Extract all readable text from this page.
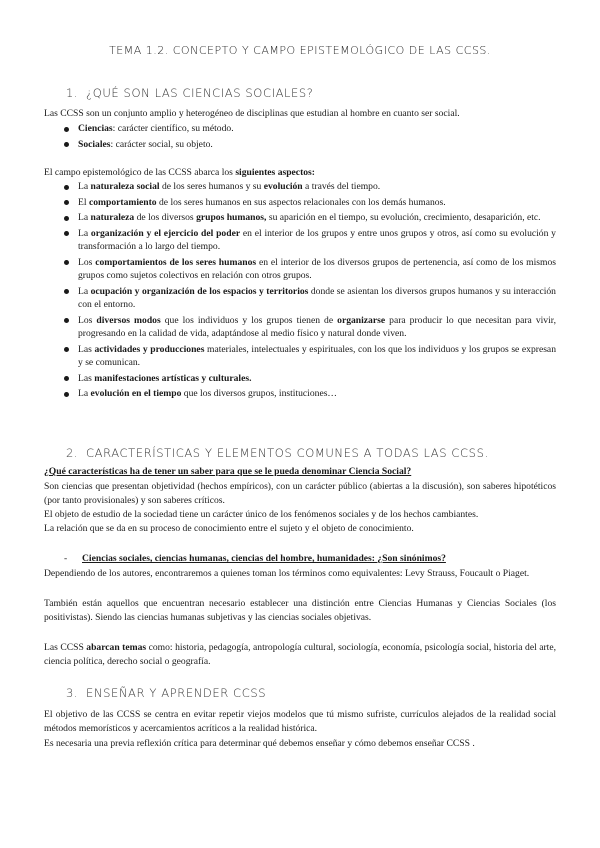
TEMA 1.2. CONCEPTO Y CAMPO EPISTEMOLÓGICO DE LAS CCSS.
1. ¿QUÉ SON LAS CIENCIAS SOCIALES?

Las CCSS son un conjunto amplio y heterogéneo de disciplinas que estudian al hombre en cuanto ser social.

Ciencias: carácter científico, su método.
Sociales: carácter social, su objeto.

El campo epistemológico de las CCSS abarca los siguientes aspectos:

La naturaleza social de los seres humanos y su evolución a través del tiempo.
El comportamiento de los seres humanos en sus aspectos relacionales con los demás humanos.
La naturaleza de los diversos grupos humanos, su aparición en el tiempo, su evolución, crecimiento, desaparición, etc.
La organización y el ejercicio del poder en el interior de los grupos y entre unos grupos y otros, así como su evolución y transformación a lo largo del tiempo.
Los comportamientos de los seres humanos en el interior de los diversos grupos de pertenencia, así como de los mismos grupos como sujetos colectivos en relación con otros grupos.
La ocupación y organización de los espacios y territorios donde se asientan los diversos grupos humanos y su interacción con el entorno.
Los diversos modos que los individuos y los grupos tienen de organizarse para producir lo que necesitan para vivir, progresando en la calidad de vida, adaptándose al medio físico y natural donde viven.
Las actividades y producciones materiales, intelectuales y espirituales, con los que los individuos y los grupos se expresan y se comunican.
Las manifestaciones artísticas y culturales.
La evolución en el tiempo que los diversos grupos, instituciones…
2. CARACTERÍSTICAS Y ELEMENTOS COMUNES A TODAS LAS CCSS.

¿Qué características ha de tener un saber para que se le pueda denominar Ciencia Social?

Son ciencias que presentan objetividad (hechos empíricos), con un carácter público (abiertas a la discusión), son saberes hipotéticos (por tanto provisionales) y son saberes críticos.

El objeto de estudio de la sociedad tiene un carácter único de los fenómenos sociales y de los hechos cambiantes.

La relación que se da en su proceso de conocimiento entre el sujeto y el objeto de conocimiento.

- Ciencias sociales, ciencias humanas, ciencias del hombre, humanidades: ¿Son sinónimos?

Dependiendo de los autores, encontraremos a quienes toman los términos como equivalentes: Levy Strauss, Foucault o Piaget.

También están aquellos que encuentran necesario establecer una distinción entre Ciencias Humanas y Ciencias Sociales (los positivistas). Siendo las ciencias humanas subjetivas y las ciencias sociales objetivas.

Las CCSS abarcan temas como: historia, pedagogía, antropología cultural, sociología, economía, psicología social, historia del arte, ciencia política, derecho social o geografía.

3. ENSEÑAR Y APRENDER CCSS

El objetivo de las CCSS se centra en evitar repetir viejos modelos que tú mismo sufriste, currículos alejados de la realidad social métodos memorísticos y acercamientos acríticos a la realidad histórica.

Es necesaria una previa reflexión crítica para determinar qué debemos enseñar y cómo debemos enseñar CCSS .
